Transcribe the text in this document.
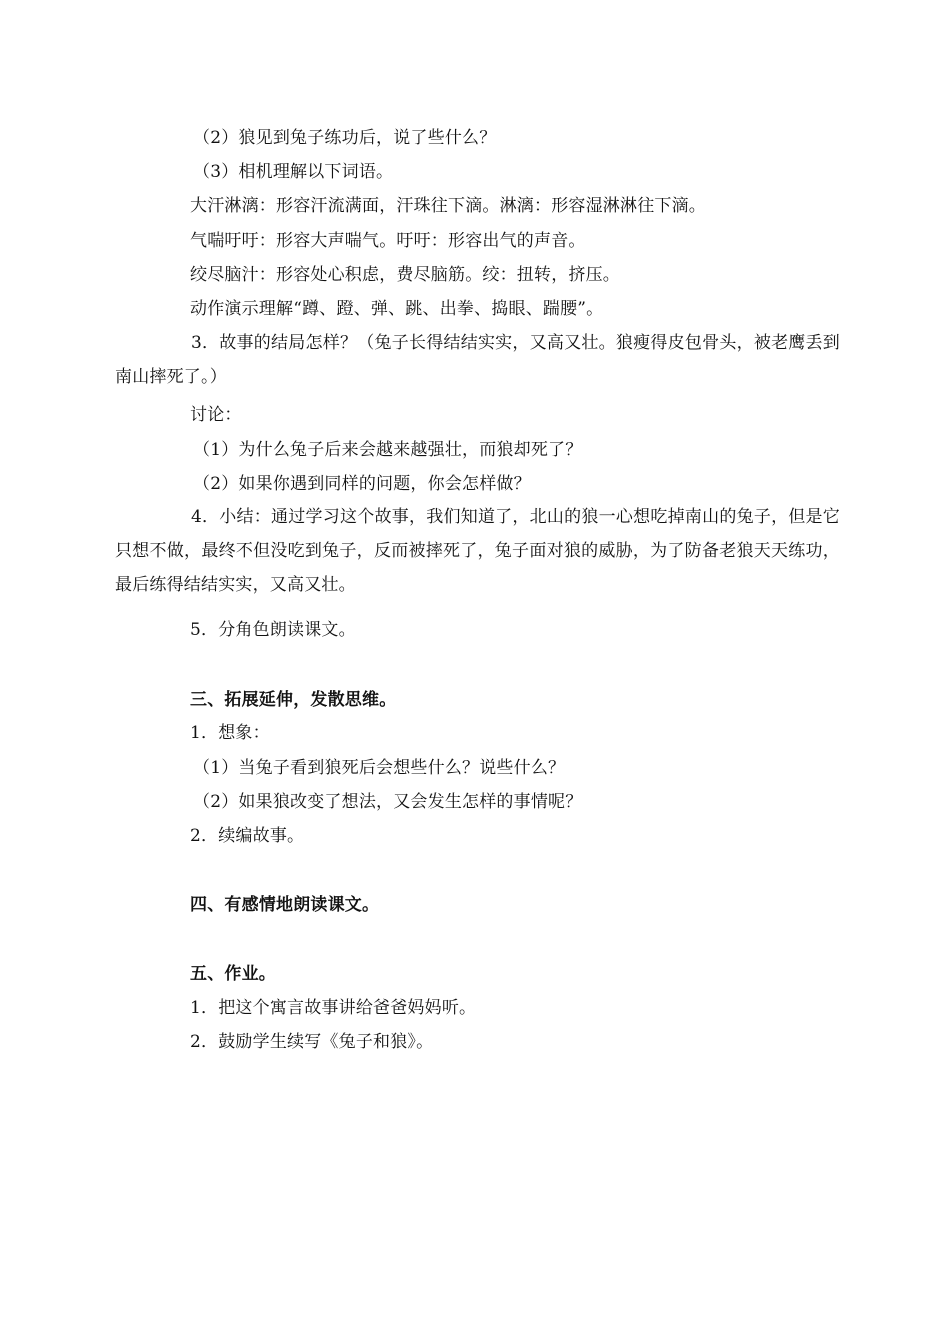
（2）狼见到兔子练功后，说了些什么？
（3）相机理解以下词语。
大汗淋漓：形容汗流满面，汗珠往下滴。淋漓：形容湿淋淋往下滴。
气喘吁吁：形容大声喘气。吁吁：形容出气的声音。
绞尽脑汁：形容处心积虑，费尽脑筋。绞：扭转，挤压。
动作演示理解“蹲、蹬、弹、跳、出拳、捣眼、踹腰”。
3．故事的结局怎样？（兔子长得结结实实，又高又壮。狼瘦得皮包骨头，被老鹰丢到南山摔死了。）
讨论：
（1）为什么兔子后来会越来越强壮，而狼却死了？
（2）如果你遇到同样的问题，你会怎样做？
4．小结：通过学习这个故事，我们知道了，北山的狼一心想吃掉南山的兔子，但是它只想不做，最终不但没吃到兔子，反而被摔死了，兔子面对狼的威胁，为了防备老狼天天练功，最后练得结结实实，又高又壮。
5．分角色朗读课文。
三、拓展延伸，发散思维。
1．想象：
（1）当兔子看到狼死后会想些什么？说些什么？
（2）如果狼改变了想法，又会发生怎样的事情呢？
2．续编故事。
四、有感情地朗读课文。
五、作业。
1．把这个寓言故事讲给爸爸妈妈听。
2．鼓励学生续写《兔子和狼》。
